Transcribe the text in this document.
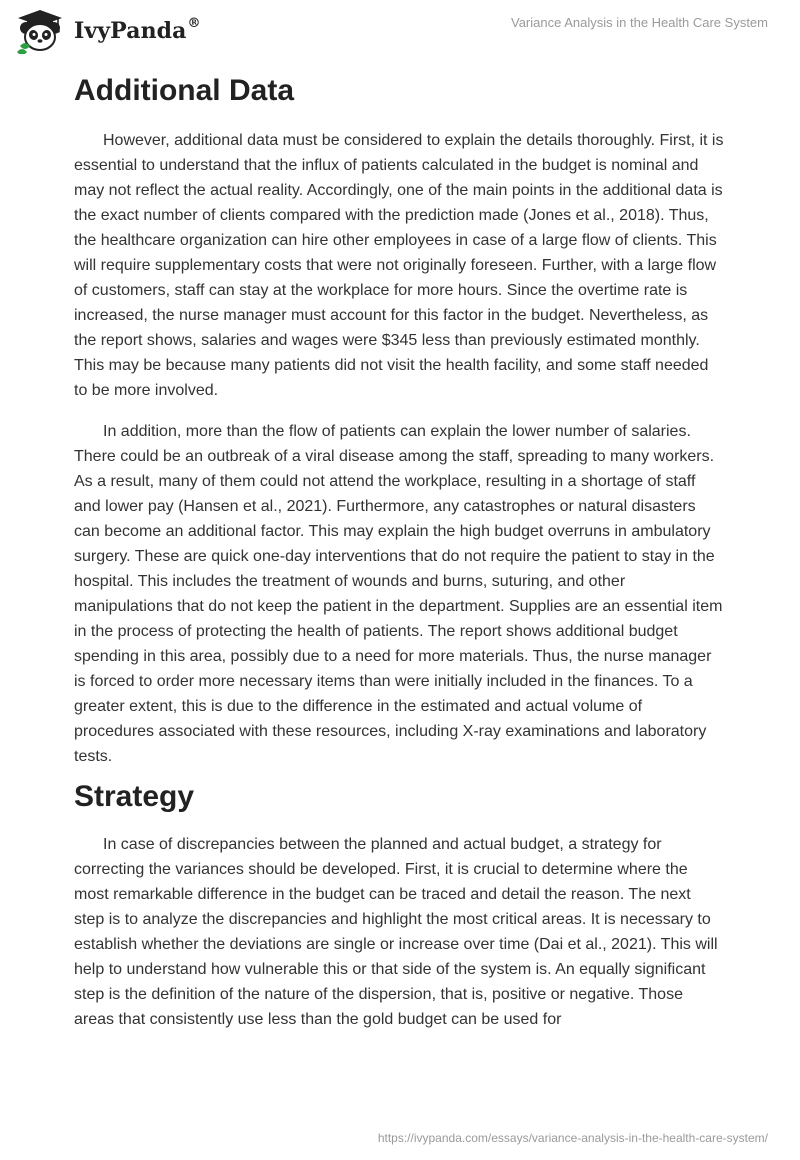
IvyPanda®	Variance Analysis in the Health Care System
Additional Data

However, additional data must be considered to explain the details thoroughly. First, it is essential to understand that the influx of patients calculated in the budget is nominal and may not reflect the actual reality. Accordingly, one of the main points in the additional data is the exact number of clients compared with the prediction made (Jones et al., 2018). Thus, the healthcare organization can hire other employees in case of a large flow of clients. This will require supplementary costs that were not originally foreseen. Further, with a large flow of customers, staff can stay at the workplace for more hours. Since the overtime rate is increased, the nurse manager must account for this factor in the budget. Nevertheless, as the report shows, salaries and wages were $345 less than previously estimated monthly. This may be because many patients did not visit the health facility, and some staff needed to be more involved.

In addition, more than the flow of patients can explain the lower number of salaries. There could be an outbreak of a viral disease among the staff, spreading to many workers. As a result, many of them could not attend the workplace, resulting in a shortage of staff and lower pay (Hansen et al., 2021). Furthermore, any catastrophes or natural disasters can become an additional factor. This may explain the high budget overruns in ambulatory surgery. These are quick one-day interventions that do not require the patient to stay in the hospital. This includes the treatment of wounds and burns, suturing, and other manipulations that do not keep the patient in the department. Supplies are an essential item in the process of protecting the health of patients. The report shows additional budget spending in this area, possibly due to a need for more materials. Thus, the nurse manager is forced to order more necessary items than were initially included in the finances. To a greater extent, this is due to the difference in the estimated and actual volume of procedures associated with these resources, including X-ray examinations and laboratory tests.

Strategy

In case of discrepancies between the planned and actual budget, a strategy for correcting the variances should be developed. First, it is crucial to determine where the most remarkable difference in the budget can be traced and detail the reason. The next step is to analyze the discrepancies and highlight the most critical areas. It is necessary to establish whether the deviations are single or increase over time (Dai et al., 2021). This will help to understand how vulnerable this or that side of the system is. An equally significant step is the definition of the nature of the dispersion, that is, positive or negative. Those areas that consistently use less than the gold budget can be used for

https://ivypanda.com/essays/variance-analysis-in-the-health-care-system/
